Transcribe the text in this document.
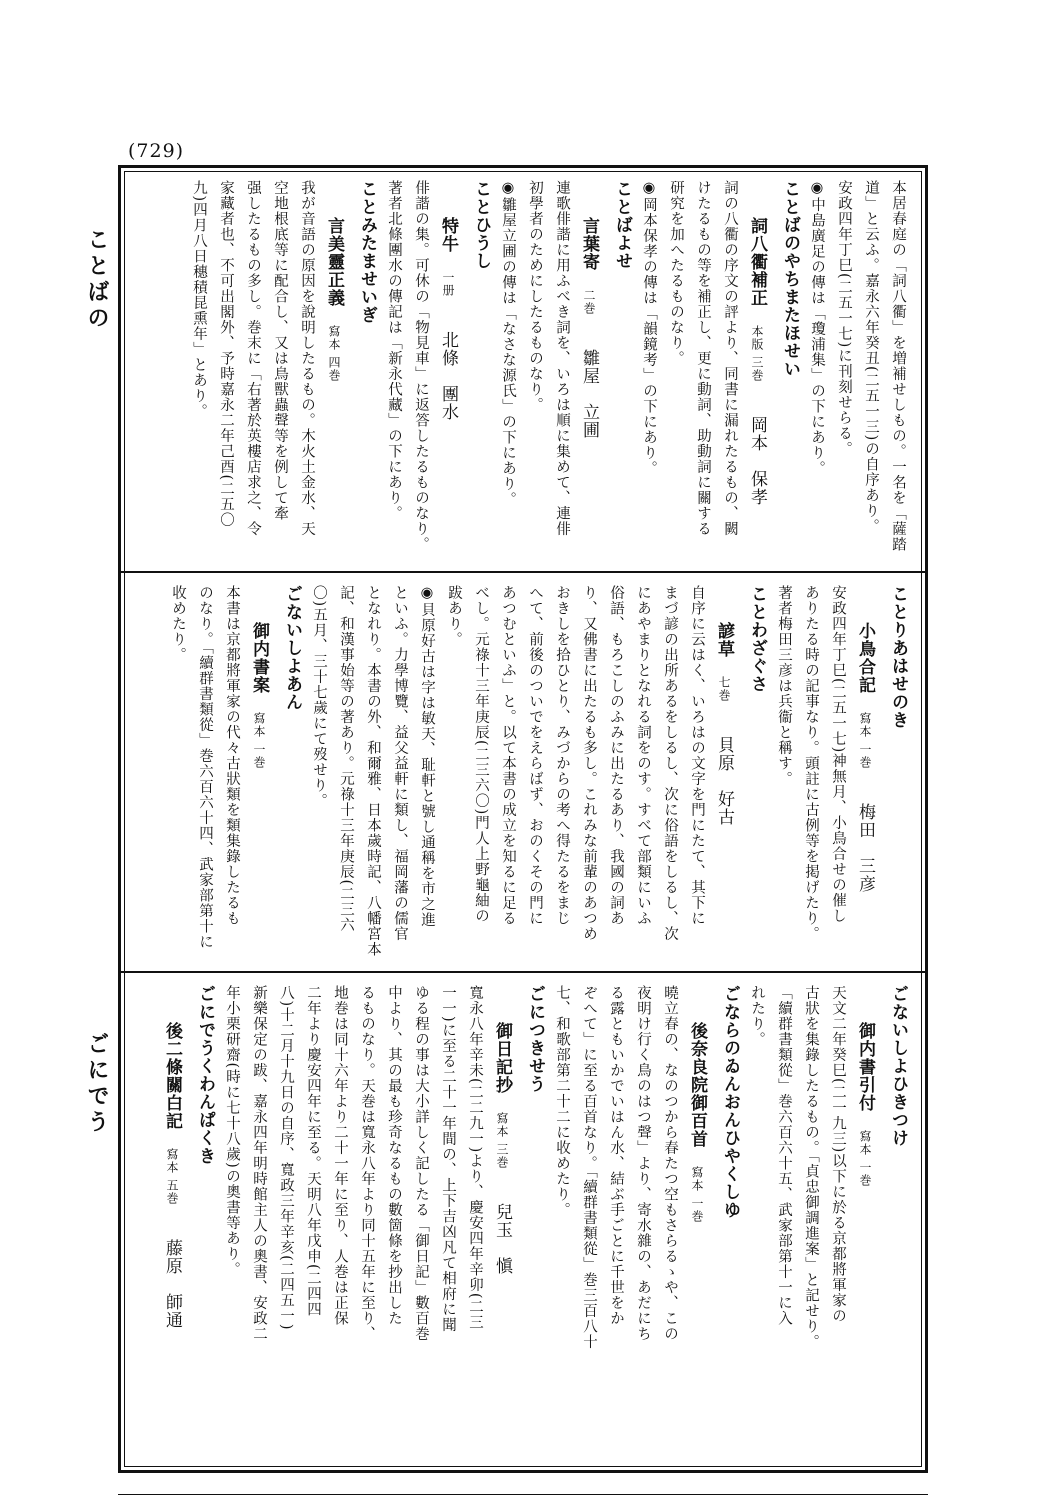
(729)
ことばの
ごにでう

本居春庭の「詞八衢」を増補せしもの。一名を「薩踏

道」と云ふ。嘉永六年癸丑(二五一三)の自序あり。

安政四年丁巳(二五一七)に刊刻せらる。

◉中島廣足の傳は「瓊浦集」の下にあり。

ことばのやちまたほせい

詞八衢補正本版 三巻岡本　保孝

詞の八衢の序文の評より、同書に漏れたるもの、闕

けたるもの等を補正し、更に動詞、助動詞に關する

研究を加へたるものなり。

◉岡本保孝の傳は「韻鏡考」の下にあり。

ことばよせ

言葉寄二巻雛屋　立圃

連歌俳諧に用ふべき詞を、いろは順に集めて、連俳

初學者のためにしたるものなり。

◉雛屋立圃の傳は「なさな源氏」の下にあり。

ことひうし

特牛一册北條　團水

俳諧の集。可休の「物見車」に返答したるものなり。

著者北條團水の傳記は「新永代藏」の下にあり。

ことみたませいぎ

言美靈正義寫本 四巻

我が音語の原因を說明したるもの。木火土金水、天

空地根底等に配合し、又は鳥獸蟲聲等を例して牽

强したるもの多し。巻末に「右著於英樓店求之、令

家藏者也、不可出閣外、予時嘉永二年己酉(二五〇

九)四月八日穗積昆熏年」とあり。

ことりあはせのき

小鳥合記寫本 一巻梅田　三彦

安政四年丁巳(二五一七)神無月、小鳥合せの催し

ありたる時の記事なり。頭註に古例等を掲げたり。

著者梅田三彦は兵衞と稱す。

ことわざぐさ

諺草七巻貝原　好古

自序に云はく、いろはの文字を門にたて、其下に

まづ諺の出所あるをしるし、次に俗語をしるし、次

にあやまりとなれる詞をのす。すべて部類にいふ

俗語、もろこしのふみに出たるあり、我國の詞あ

り、又佛書に出たるも多し。これみな前輩のあつめ

おきしを拾ひとり、みづからの考へ得たるをまじ

へて、前後のついでをえらばず、おのくその門に

あつむといふ」と。以て本書の成立を知るに足る

べし。元祿十三年庚辰(二三六〇)門人上野龜紬の

跋あり。

◉貝原好古は字は敏天、耻軒と號し通稱を市之進

といふ。力學博覽、益父益軒に類し、福岡藩の儒官

となれり。本書の外、和爾雅、日本歲時記、八幡宮本

記、和漢事始等の著あり。元祿十三年庚辰(二三六

〇)五月、三十七歲にて歿せり。

ごないしよあん

御内書案寫本 一巻

本書は京都將軍家の代々古狀類を類集錄したるも

のなり。「續群書類從」巻六百六十四、武家部第十に

收めたり。

ごないしよひきつけ

御内書引付寫本 一巻

天文二年癸巳(二一九三)以下に於る京都將軍家の

古狀を集錄したるもの。「貞忠御調進案」と記せり。

「續群書類從」巻六百六十五、武家部第十一に入

れたり。

ごならのゐんおんひやくしゆ

後奈良院御百首寫本 一巻

曉立春の、なのつから春たつ空もさらるゝや、この

夜明け行く鳥のはつ聲」より、寄水雜の、あだにち

る露ともいかでいはん水、結ぶ手ごとに千世をか

ぞへて」に至る百首なり。「續群書類從」巻三百八十

七、和歌部第二十二に收めたり。

ごにつきせう

御日記抄寫本 三巻兒玉　愼

寬永八年辛未(二二九一)より、慶安四年辛卯(二三

一一)に至る二十一年間の、上下吉凶凡て相府に聞

ゆる程の事は大小詳しく記したる「御日記」數百巻

中より、其の最も珍奇なるもの數箇條を抄出した

るものなり。天巻は寬永八年より同十五年に至り、

地巻は同十六年より二十一年に至り、人巻は正保

二年より慶安四年に至る。天明八年戊申(二四四

八)十二月十九日の自序、寬政三年辛亥(二四五一)

新樂保定の跋、嘉永四年明時館主人の奧書、安政二

年小栗研齋(時に七十八歲)の奧書等あり。

ごにでうくわんぱくき

後二條關白記寫本 五巻藤原　師通
